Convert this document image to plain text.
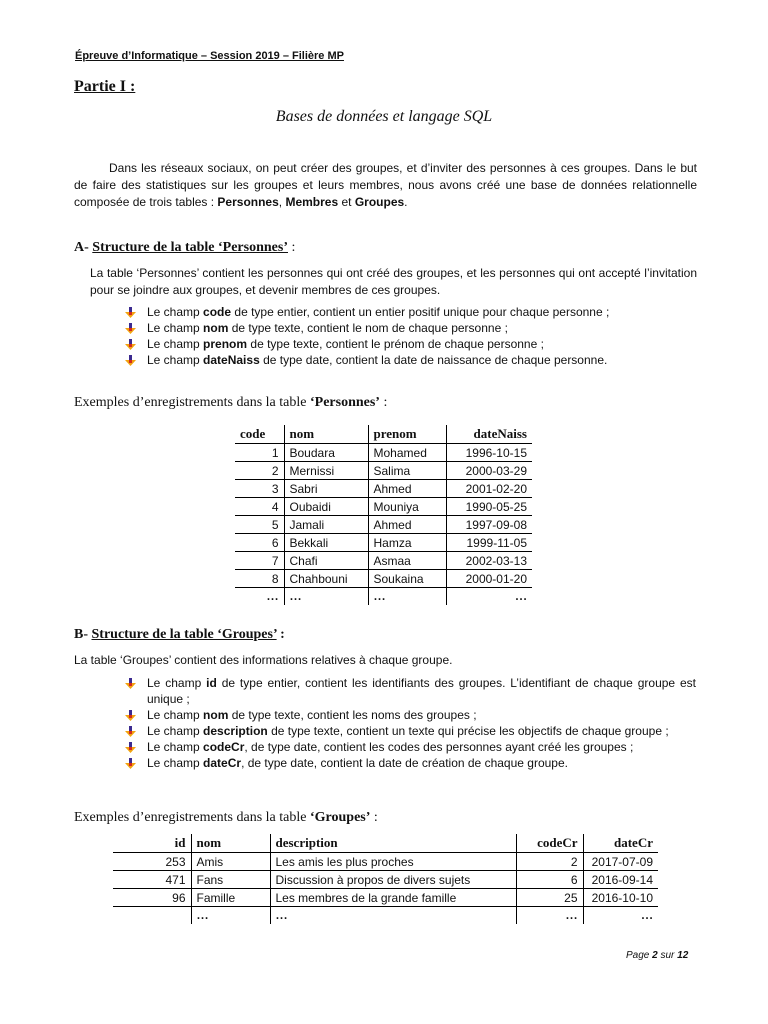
Épreuve d’Informatique – Session 2019 – Filière MP
Partie I :
Bases de données et langage SQL
Dans les réseaux sociaux, on peut créer des groupes, et d’inviter des personnes à ces groupes. Dans le but de faire des statistiques sur les groupes et leurs membres, nous avons créé une base de données relationnelle composée de trois tables : Personnes, Membres et Groupes.
A- Structure de la table ‘Personnes’ :
La table ‘Personnes’ contient les personnes qui ont créé des groupes, et les personnes qui ont accepté l’invitation pour se joindre aux groupes, et devenir membres de ces groupes.
Le champ code de type entier, contient un entier positif unique pour chaque personne ;
Le champ nom de type texte, contient le nom de chaque personne ;
Le champ prenom de type texte, contient le prénom de chaque personne ;
Le champ dateNaiss de type date, contient la date de naissance de chaque personne.
Exemples d’enregistrements dans la table ‘Personnes’ :
code	nom	prenom	dateNaiss
1	Boudara	Mohamed	1996-10-15
2	Mernissi	Salima	2000-03-29
3	Sabri	Ahmed	2001-02-20
4	Oubaidi	Mouniya	1990-05-25
5	Jamali	Ahmed	1997-09-08
6	Bekkali	Hamza	1999-11-05
7	Chafi	Asmaa	2002-03-13
8	Chahbouni	Soukaina	2000-01-20
…	…	…	…
B- Structure de la table ‘Groupes’ :
La table ‘Groupes’ contient des informations relatives à chaque groupe.
Le champ id de type entier, contient les identifiants des groupes. L’identifiant de chaque groupe est unique ;
Le champ nom de type texte, contient les noms des groupes ;
Le champ description de type texte, contient un texte qui précise les objectifs de chaque groupe ;
Le champ codeCr, de type date, contient les codes des personnes ayant créé les groupes ;
Le champ dateCr, de type date, contient la date de création de chaque groupe.
Exemples d’enregistrements dans la table ‘Groupes’ :
id	nom	description	codeCr	dateCr
253	Amis	Les amis les plus proches	2	2017-07-09
471	Fans	Discussion à propos de divers sujets	6	2016-09-14
96	Famille	Les membres de la grande famille	25	2016-10-10
	…	…	…	…
Page 2 sur 12
